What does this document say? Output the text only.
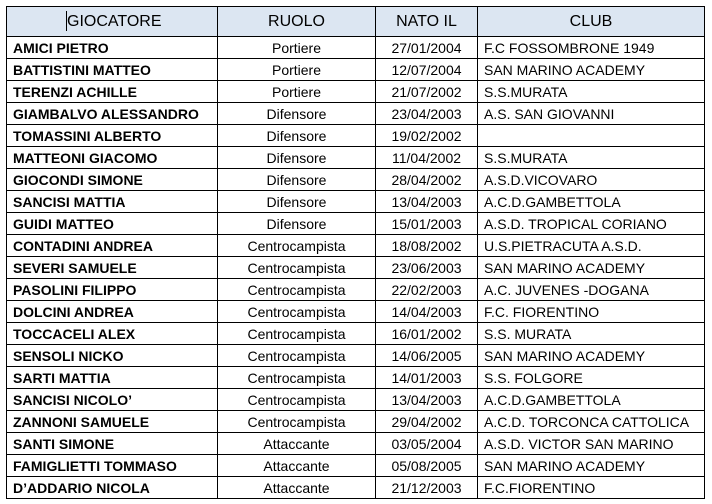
GIOCATORE	RUOLO	NATO IL	CLUB
AMICI PIETRO	Portiere	27/01/2004	F.C FOSSOMBRONE 1949
BATTISTINI MATTEO	Portiere	12/07/2004	SAN MARINO ACADEMY
TERENZI ACHILLE	Portiere	21/07/2002	S.S.MURATA
GIAMBALVO ALESSANDRO	Difensore	23/04/2003	A.S. SAN GIOVANNI
TOMASSINI ALBERTO	Difensore	19/02/2002	
MATTEONI GIACOMO	Difensore	11/04/2002	S.S.MURATA
GIOCONDI SIMONE	Difensore	28/04/2002	A.S.D.VICOVARO
SANCISI MATTIA	Difensore	13/04/2003	A.C.D.GAMBETTOLA
GUIDI MATTEO	Difensore	15/01/2003	A.S.D. TROPICAL CORIANO
CONTADINI ANDREA	Centrocampista	18/08/2002	U.S.PIETRACUTA A.S.D.
SEVERI SAMUELE	Centrocampista	23/06/2003	SAN MARINO ACADEMY
PASOLINI FILIPPO	Centrocampista	22/02/2003	A.C. JUVENES -DOGANA
DOLCINI ANDREA	Centrocampista	14/04/2003	F.C. FIORENTINO
TOCCACELI ALEX	Centrocampista	16/01/2002	S.S. MURATA
SENSOLI NICKO	Centrocampista	14/06/2005	SAN MARINO ACADEMY
SARTI MATTIA	Centrocampista	14/01/2003	S.S. FOLGORE
SANCISI NICOLO’	Centrocampista	13/04/2003	A.C.D.GAMBETTOLA
ZANNONI SAMUELE	Centrocampista	29/04/2002	A.C.D. TORCONCA CATTOLICA
SANTI SIMONE	Attaccante	03/05/2004	A.S.D. VICTOR SAN MARINO
FAMIGLIETTI TOMMASO	Attaccante	05/08/2005	SAN MARINO ACADEMY
D’ADDARIO NICOLA	Attaccante	21/12/2003	F.C.FIORENTINO
